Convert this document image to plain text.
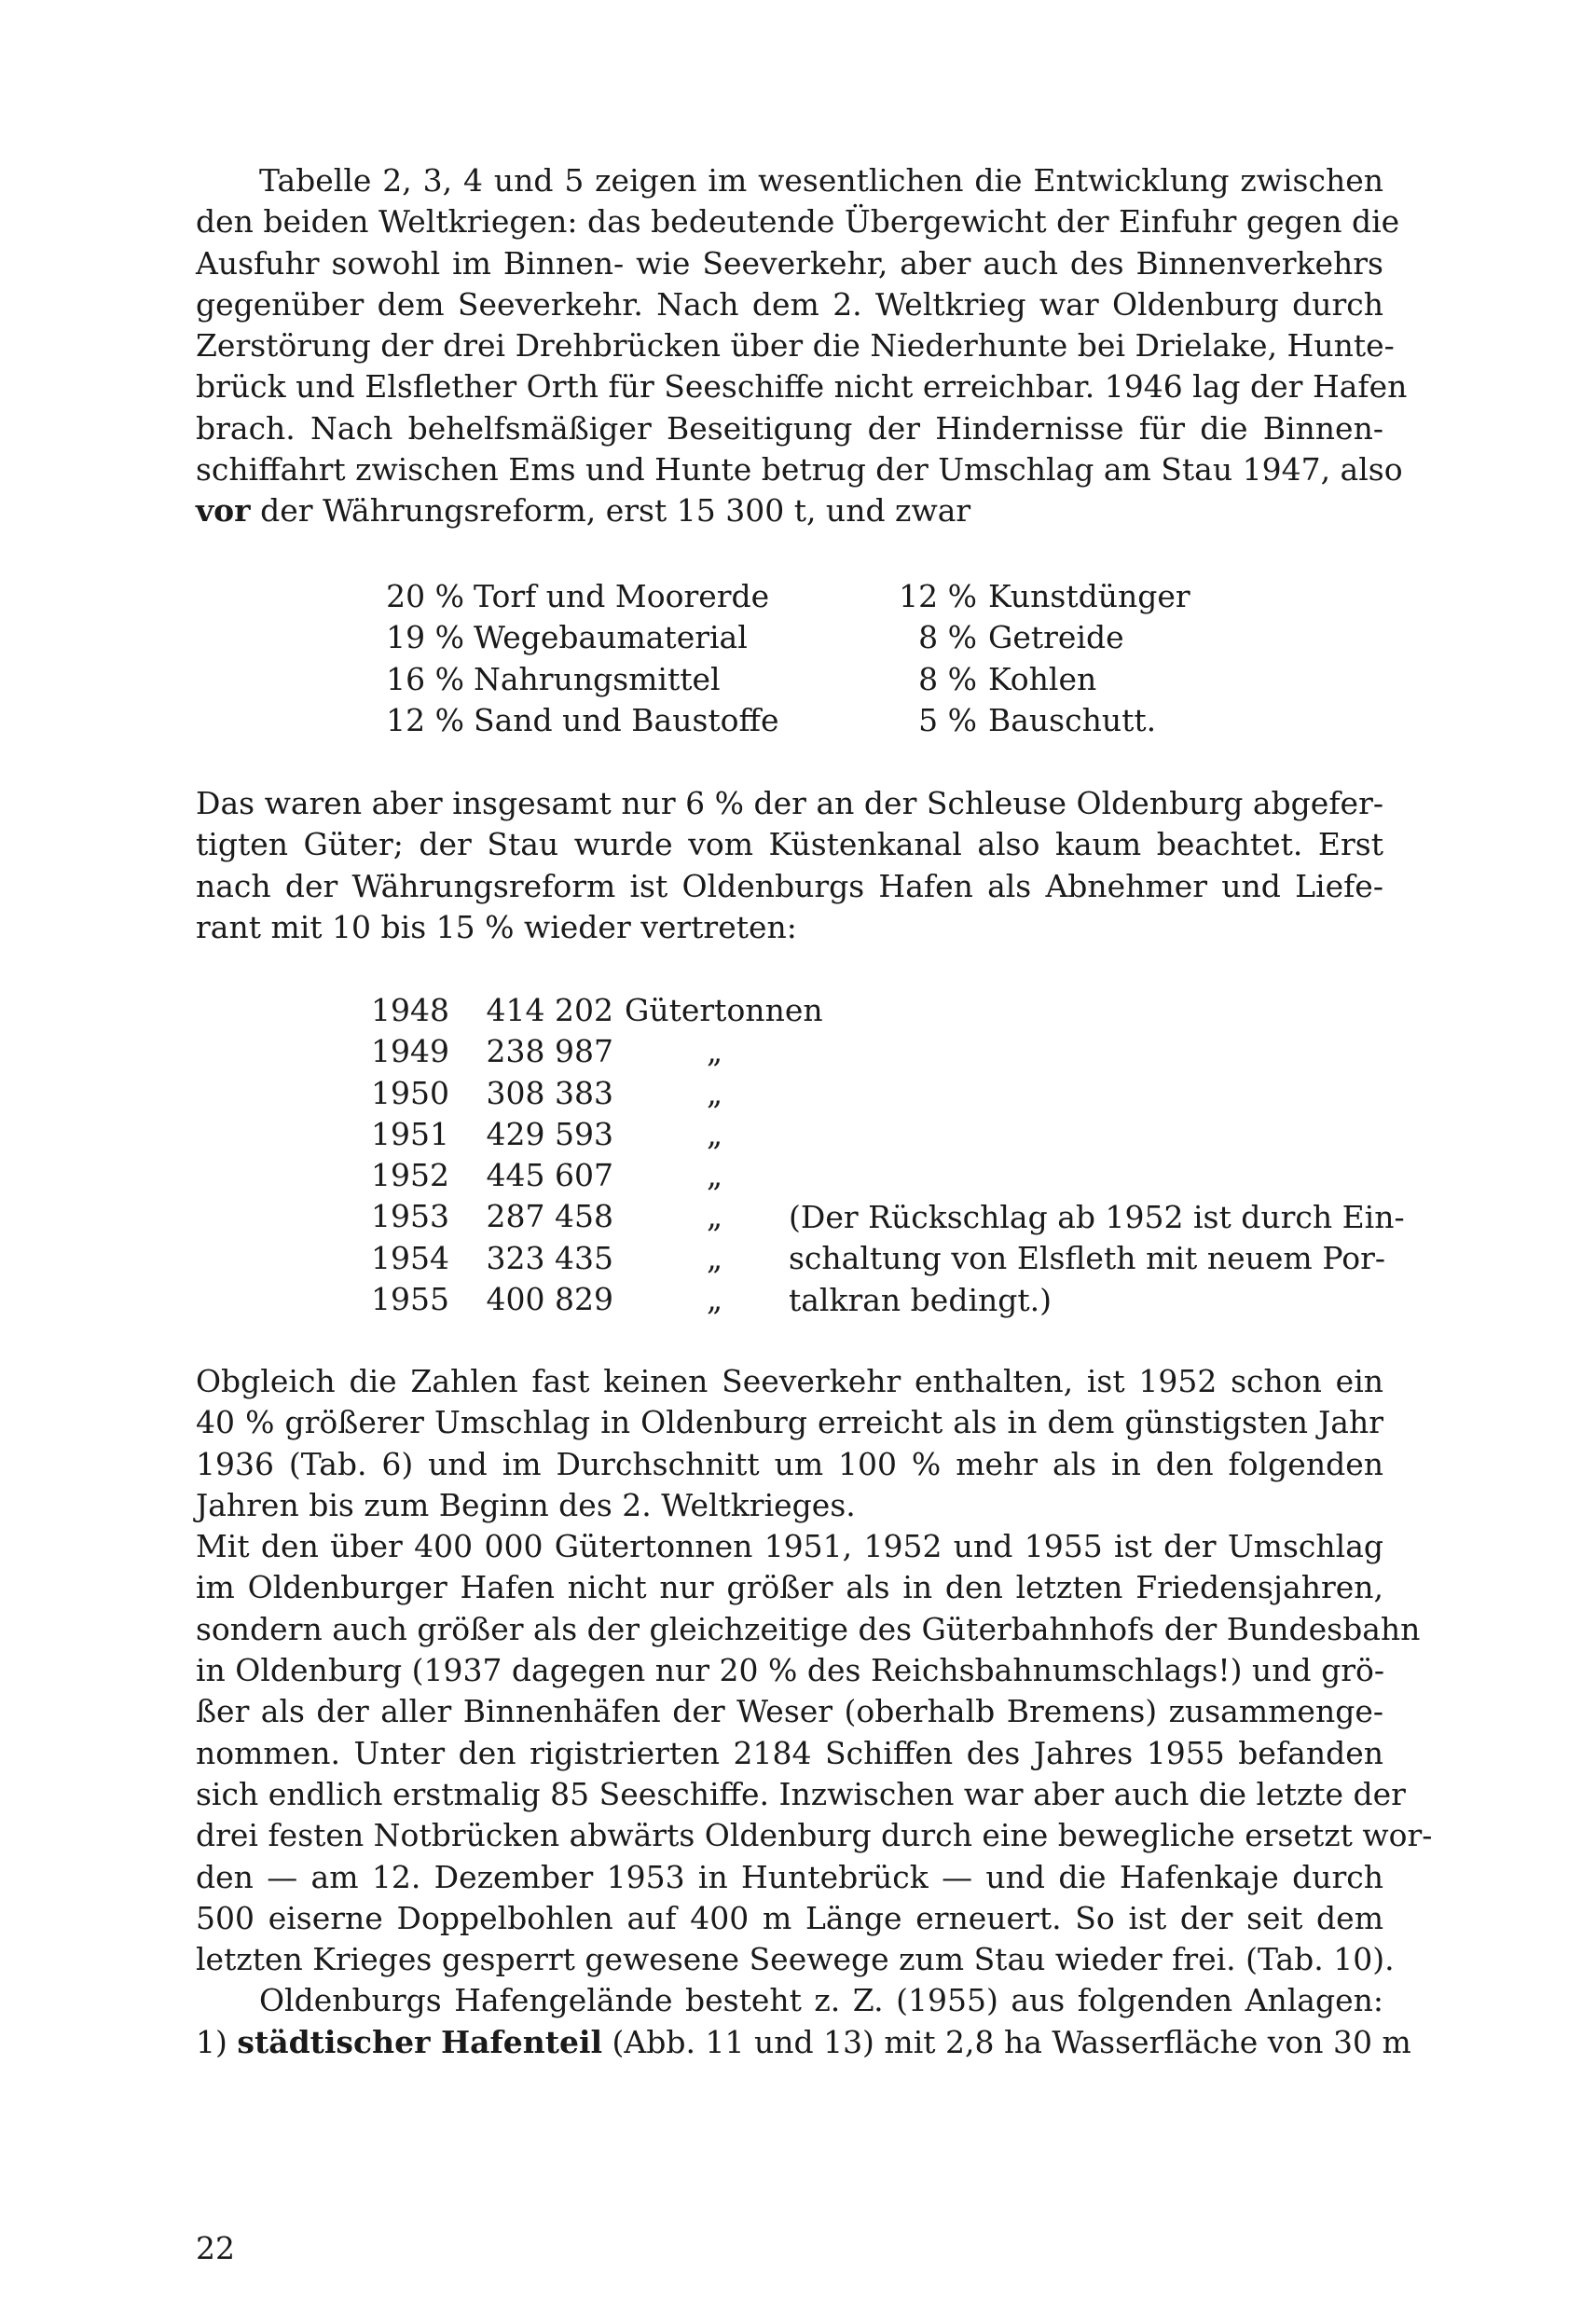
Tabelle 2, 3, 4 und 5 zeigen im wesentlichen die Entwicklung zwischen
den beiden Weltkriegen: das bedeutende Übergewicht der Einfuhr gegen die
Ausfuhr sowohl im Binnen- wie Seeverkehr, aber auch des Binnenverkehrs
gegenüber dem Seeverkehr. Nach dem 2. Weltkrieg war Oldenburg durch
Zerstörung der drei Drehbrücken über die Niederhunte bei Drielake, Hunte-
brück und Elsflether Orth für Seeschiffe nicht erreichbar. 1946 lag der Hafen
brach. Nach behelfsmäßiger Beseitigung der Hindernisse für die Binnen-
schiffahrt zwischen Ems und Hunte betrug der Umschlag am Stau 1947, also
vor der Währungsreform, erst 15 300 t, und zwar
20 % Torf und Moorerde	12 % Kunstdünger
19 % Wegebaumaterial	8 % Getreide
16 % Nahrungsmittel	8 % Kohlen
12 % Sand und Baustoffe	5 % Bauschutt.
Das waren aber insgesamt nur 6 % der an der Schleuse Oldenburg abgefer-
tigten Güter; der Stau wurde vom Küstenkanal also kaum beachtet. Erst
nach der Währungsreform ist Oldenburgs Hafen als Abnehmer und Liefe-
rant mit 10 bis 15 % wieder vertreten:
1948 414 202 Gütertonnen
1949 238 987	„
1950 308 383	„
1951 429 593	„
1952 445 607	„
1953 287 458	„
1954 323 435	„
1955 400 829	„
(Der Rückschlag ab 1952 ist durch Ein-
schaltung von Elsfleth mit neuem Por-
talkran bedingt.)
Obgleich die Zahlen fast keinen Seeverkehr enthalten, ist 1952 schon ein
40 % größerer Umschlag in Oldenburg erreicht als in dem günstigsten Jahr
1936 (Tab. 6) und im Durchschnitt um 100 % mehr als in den folgenden
Jahren bis zum Beginn des 2. Weltkrieges.
Mit den über 400 000 Gütertonnen 1951, 1952 und 1955 ist der Umschlag
im Oldenburger Hafen nicht nur größer als in den letzten Friedensjahren,
sondern auch größer als der gleichzeitige des Güterbahnhofs der Bundesbahn
in Oldenburg (1937 dagegen nur 20 % des Reichsbahnumschlags!) und grö-
ßer als der aller Binnenhäfen der Weser (oberhalb Bremens) zusammenge-
nommen. Unter den rigistrierten 2184 Schiffen des Jahres 1955 befanden
sich endlich erstmalig 85 Seeschiffe. Inzwischen war aber auch die letzte der
drei festen Notbrücken abwärts Oldenburg durch eine bewegliche ersetzt wor-
den — am 12. Dezember 1953 in Huntebrück — und die Hafenkaje durch
500 eiserne Doppelbohlen auf 400 m Länge erneuert. So ist der seit dem
letzten Krieges gesperrt gewesene Seewege zum Stau wieder frei. (Tab. 10).
Oldenburgs Hafengelände besteht z. Z. (1955) aus folgenden Anlagen:
1) städtischer Hafenteil (Abb. 11 und 13) mit 2,8 ha Wasserfläche von 30 m
22
